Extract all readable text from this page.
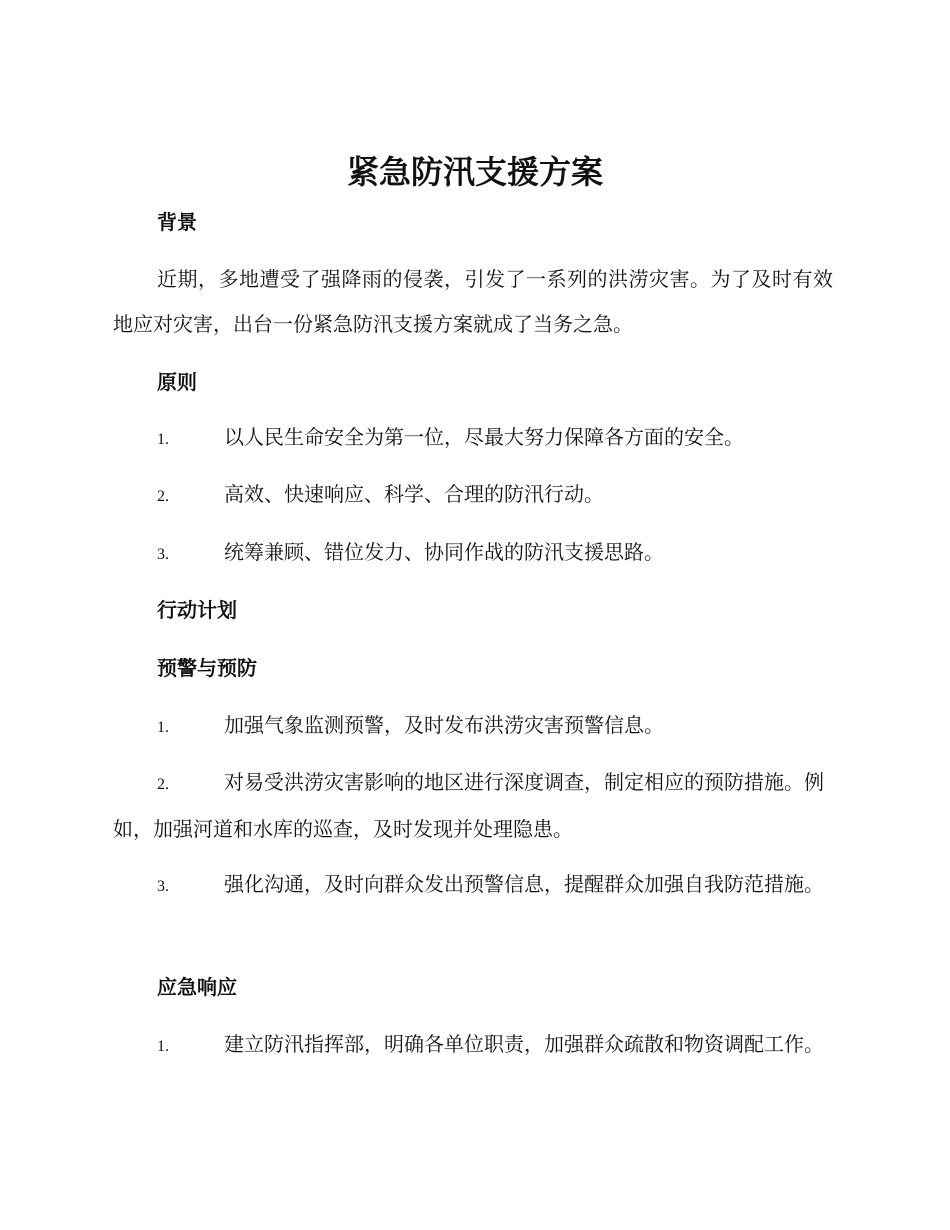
紧急防汛支援方案
背景

近期，多地遭受了强降雨的侵袭，引发了一系列的洪涝灾害。为了及时有效地应对灾害，出台一份紧急防汛支援方案就成了当务之急。

原则

1.	以人民生命安全为第一位，尽最大努力保障各方面的安全。

2.	高效、快速响应、科学、合理的防汛行动。

3.	统筹兼顾、错位发力、协同作战的防汛支援思路。

行动计划
预警与预防

1.	加强气象监测预警，及时发布洪涝灾害预警信息。

2.	对易受洪涝灾害影响的地区进行深度调查，制定相应的预防措施。例如，加强河道和水库的巡查，及时发现并处理隐患。

3.	强化沟通，及时向群众发出预警信息，提醒群众加强自我防范措施。

应急响应

1.	建立防汛指挥部，明确各单位职责，加强群众疏散和物资调配工作。
